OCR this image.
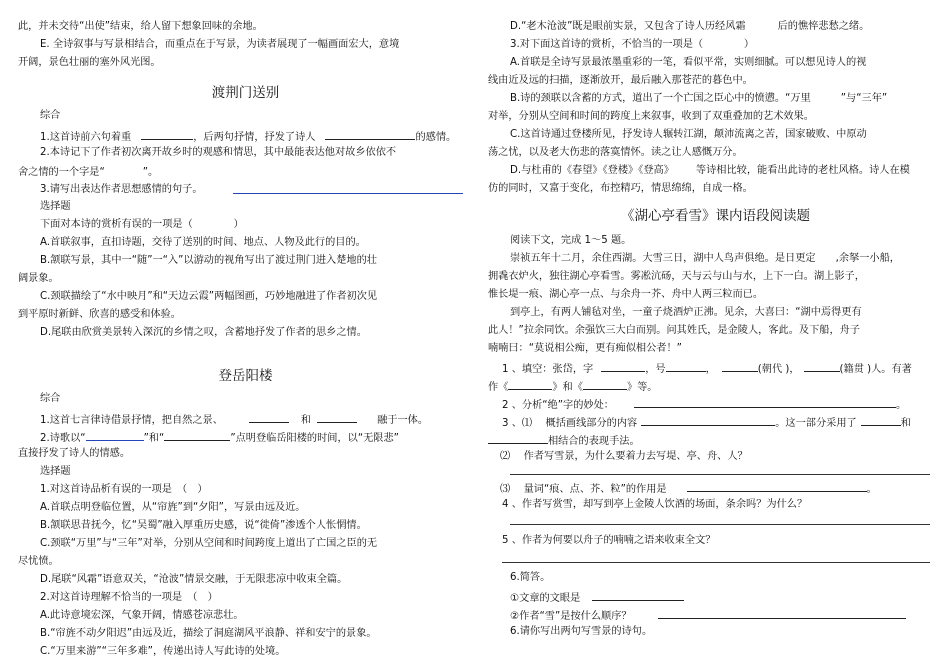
此，并未交待“出使”结束，给人留下想象回味的余地。
E. 全诗叙事与写景相结合，而重点在于写景，为读者展现了一幅画面宏大，意境
开阔，景色壮丽的塞外风光图。
渡荆门送别
综合
1.这首诗前六句着重	，后两句抒情，抒发了诗人	的感情。
2.本诗记下了作者初次离开故乡时的观感和情思，其中最能表达他对故乡依依不
舍之情的一个字是“	”。
3.请写出表达作者思想感情的句子。
选择题
下面对本诗的赏析有误的一项是（　　　　）
A.首联叙事，直扣诗题，交待了送别的时间、地点、人物及此行的目的。
B.颔联写景，其中一“随”一“入”以游动的视角写出了渡过荆门进入楚地的壮
阔景象。
C.颈联描绘了“水中映月”和“天边云霞”两幅图画，巧妙地融进了作者初次见
到平原时新鲜、欣喜的感受和体验。
D.尾联由欣赏美景转入深沉的乡情之叹，含蓄地抒发了作者的思乡之情。
登岳阳楼
综合
1.这首七言律诗借景抒情，把自然之景、	和	融于一体。
2.诗歌以“	”和“	”点明登临岳阳楼的时间，以“无限悲”
直接抒发了诗人的情感。
选择题
1.对这首诗品析有误的一项是　（　）
A.首联点明登临位置，从“帘旌”到“夕阳”，写景由远及近。
B.颔联思昔抚今，忆“吴蜀”融入厚重历史感，说“徙倚”渗透个人怅惘情。
C.颈联“万里”与“三年”对举，分别从空间和时间跨度上道出了亡国之臣的无
尽忧愤。
D.尾联“风霜”语意双关，“沧波”情景交融，于无限悲凉中收束全篇。
2.对这首诗理解不恰当的一项是　（　）
A.此诗意境宏深，气象开阔，情感苍凉悲壮。
B.“帘旌不动夕阳迟”由远及近，描绘了洞庭湖风平浪静、祥和安宁的景象。
C.“万里来游”“三年多难”，传递出诗人写此诗的处境。
D.“老木沧波”既是眼前实景，又包含了诗人历经风霜	后的憔悴悲愁之绪。
3.对下面这首诗的赏析，不恰当的一项是（　　　　）
A.首联是全诗写景最浓墨重彩的一笔，看似平常，实则细腻。可以想见诗人的视
线由近及远的扫描，逐渐放开，最后融入那苍茫的暮色中。
B.诗的颈联以含蓄的方式，道出了一个亡国之臣心中的愤懑。“万里	”与“三年”
对举，分别从空间和时间的跨度上来叙事，收到了双重叠加的艺术效果。
C.这首诗通过登楼所见，抒发诗人辗转江湖，颠沛流离之苦，国家破败、中原动
荡之忧，以及老大伤悲的落寞情怀。读之让人感慨万分。
D.与杜甫的《春望》《登楼》《登高》 等诗相比较，能看出此诗的老杜风格。诗人在模
仿的同时，又富于变化，布控精巧，情思绵绵，自成一格。
《湖心亭看雪》课内语段阅读题
阅读下文，完成 1～5 题。
崇祯五年十二月，余住西湖。大雪三日，湖中人鸟声俱绝。是日更定 ,余拏一小船，
拥毳衣炉火，独往湖心亭看雪。雾凇沆砀，天与云与山与水，上下一白。湖上影子，
惟长堤一痕、湖心亭一点、与余舟一芥、舟中人两三粒而已。
到亭上，有两人铺毡对坐，一童子烧酒炉正沸。见余，大喜曰：“湖中焉得更有
此人！”拉余同饮。余强饮三大白而别。问其姓氏，是金陵人，客此。及下船，舟子
喃喃曰：“莫说相公痴，更有痴似相公者！”
1 、填空：张岱，字	，号	，	(朝代 )，	(籍贯 )人。有著
作《	》和《	》等。
2 、分析“绝”字的妙处：	。
3 、⑴　 概括画线部分的内容	。这一部分采用了	和
相结合的表现手法。
⑵　 作者写雪景，为什么要着力去写堤、亭、舟、人？
⑶　 量词“痕、点、芥、粒”的作用是	。
4 、作者写赏雪，却写到亭上金陵人饮酒的场面，条余吗？为什么？
5 、作者为何要以舟子的喃喃之语来收束全文？
6.简答。
①文章的文眼是
②作者“雪”是按什么顺序？
6.请你写出两句写雪景的诗句。
